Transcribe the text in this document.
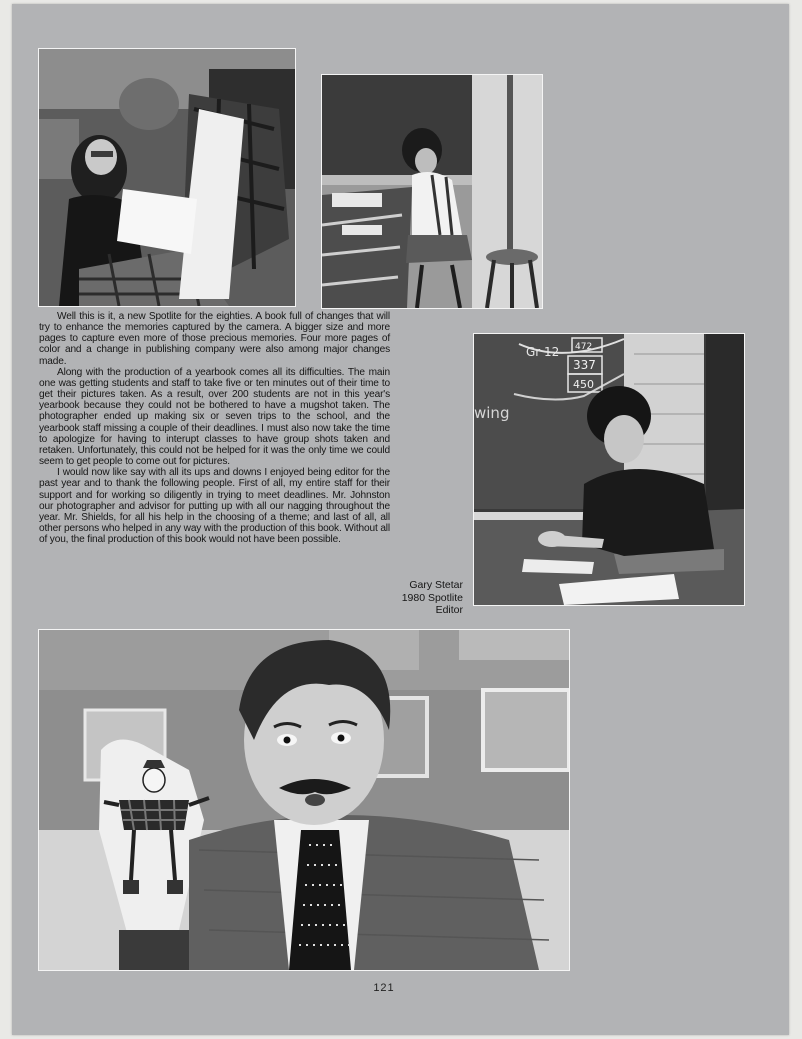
Gr 12 472
337
450
wing

Well this is it, a new Spotlite for the eighties. A book full of changes that will try to enhance the memories captured by the camera. A bigger size and more pages to capture even more of those precious memories. Four more pages of color and a change in publishing company were also among major changes made.

Along with the production of a yearbook comes all its difficulties. The main one was getting students and staff to take five or ten minutes out of their time to get their pictures taken. As a result, over 200 students are not in this year's yearbook because they could not be bothered to have a mugshot taken. The photographer ended up making six or seven trips to the school, and the yearbook staff missing a couple of their deadlines. I must also now take the time to apologize for having to interupt classes to have group shots taken and retaken. Unfortunately, this could not be helped for it was the only time we could seem to get people to come out for pictures.

I would now like say with all its ups and downs I enjoyed being editor for the past year and to thank the following people. First of all, my entire staff for their support and for working so diligently in trying to meet deadlines. Mr. Johnston our photographer and advisor for putting up with all our nagging throughout the year. Mr. Shields, for all his help in the choosing of a theme; and last of all, all other persons who helped in any way with the production of this book. Without all of you, the final production of this book would not have been possible.

Gary Stetar
1980 Spotlite
Editor
121
